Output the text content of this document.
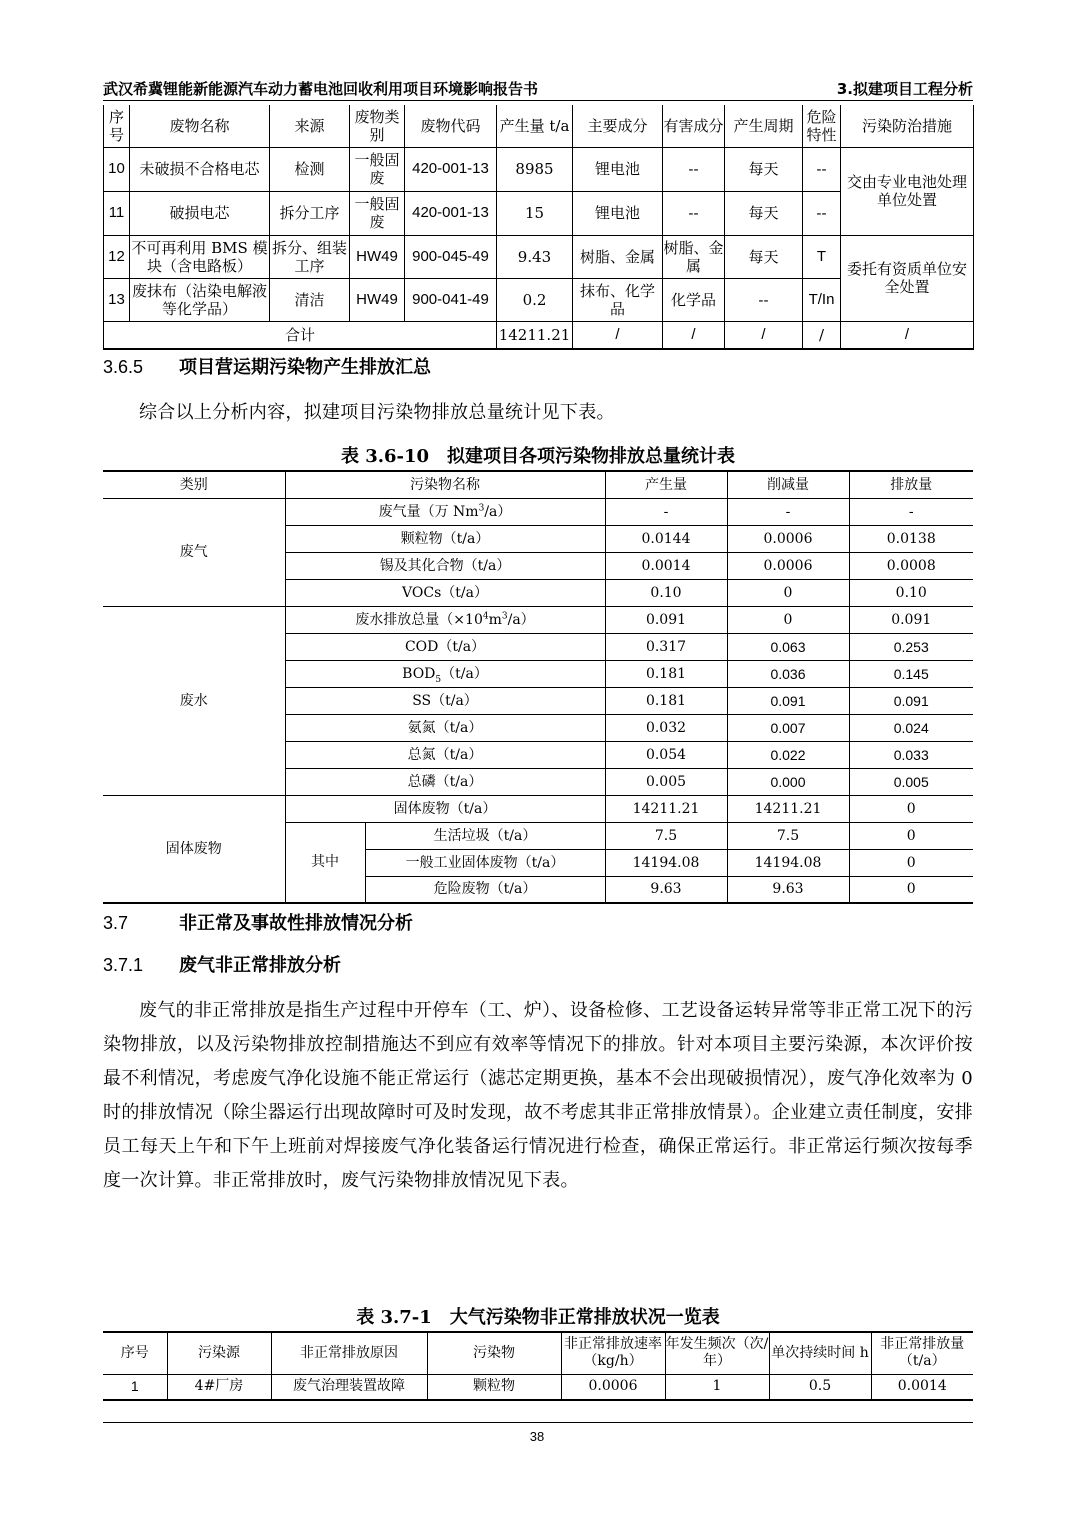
武汉希冀锂能新能源汽车动力蓄电池回收利用项目环境影响报告书	3.拟建项目工程分析
序号	废物名称	来源	废物类别	废物代码	产生量 t/a	主要成分	有害成分	产生周期	危险特性	污染防治措施
10	未破损不合格电芯	检测	一般固废	420-001-13	8985	锂电池	--	每天	--	交由专业电池处理单位处置
11	破损电芯	拆分工序	一般固废	420-001-13	15	锂电池	--	每天	--	
12	不可再利用 BMS 模块（含电路板）	拆分、组装工序	HW49	900-045-49	9.43	树脂、金属	树脂、金属	每天	T	委托有资质单位安全处置
13	废抹布（沾染电解液等化学品）	清洁	HW49	900-041-49	0.2	抹布、化学品	化学品	--	T/In	
合计					14211.21	/	/	/	/	/
3.6.5 项目营运期污染物产生排放汇总
综合以上分析内容，拟建项目污染物排放总量统计见下表。
表 3.6-10　拟建项目各项污染物排放总量统计表
类别	污染物名称		产生量	削减量	排放量
废气	废气量（万 Nm$^3$/a）		-	-	-
	颗粒物（t/a）		0.0144	0.0006	0.0138
	锡及其化合物（t/a）		0.0014	0.0006	0.0008
	VOCs（t/a）		0.10	0	0.10
废水	废水排放总量$(\times 10^4m^3/a)$		0.091	0	0.091
	COD（t/a）		0.317	0.063	0.253
	$BOD_5(t/a)$		0.181	0.036	0.145
	SS（t/a）		0.181	0.091	0.091
	氨氮（t/a）		0.032	0.007	0.024
	总氮（t/a）		0.054	0.022	0.033
	总磷（t/a）		0.005	0.000	0.005
固体废物	固体废物（t/a）		14211.21	14211.21	0
	其中	生活垃圾（t/a）	7.5	7.5	0
		一般工业固体废物（t/a）	14194.08	14194.08	0
		危险废物（t/a）	9.63	9.63	0
3.7	非正常及事故性排放情况分析
3.7.1 废气非正常排放分析
废气的非正常排放是指生产过程中开停车（工、炉）、设备检修、工艺设备运转异常等非正常工况下的污染物排放，以及污染物排放控制措施达不到应有效率等情况下的排放。针对本项目主要污染源，本次评价按最不利情况，考虑废气净化设施不能正常运行（滤芯定期更换，基本不会出现破损情况），废气净化效率为 0 时的排放情况（除尘器运行出现故障时可及时发现，故不考虑其非正常排放情景）。企业建立责任制度，安排员工每天上午和下午上班前对焊接废气净化装备运行情况进行检查，确保正常运行。非正常运行频次按每季度一次计算。非正常排放时，废气污染物排放情况见下表。
表 3.7-1　大气污染物非正常排放状况一览表
序号	污染源	非正常排放原因	污染物	非正常排放速率（kg/h）	年发生频次（次/年）	单次持续时间 h	非正常排放量（t/a）
1	4#厂房	废气治理装置故障	颗粒物	0.0006	1	0.5	0.0014
38
